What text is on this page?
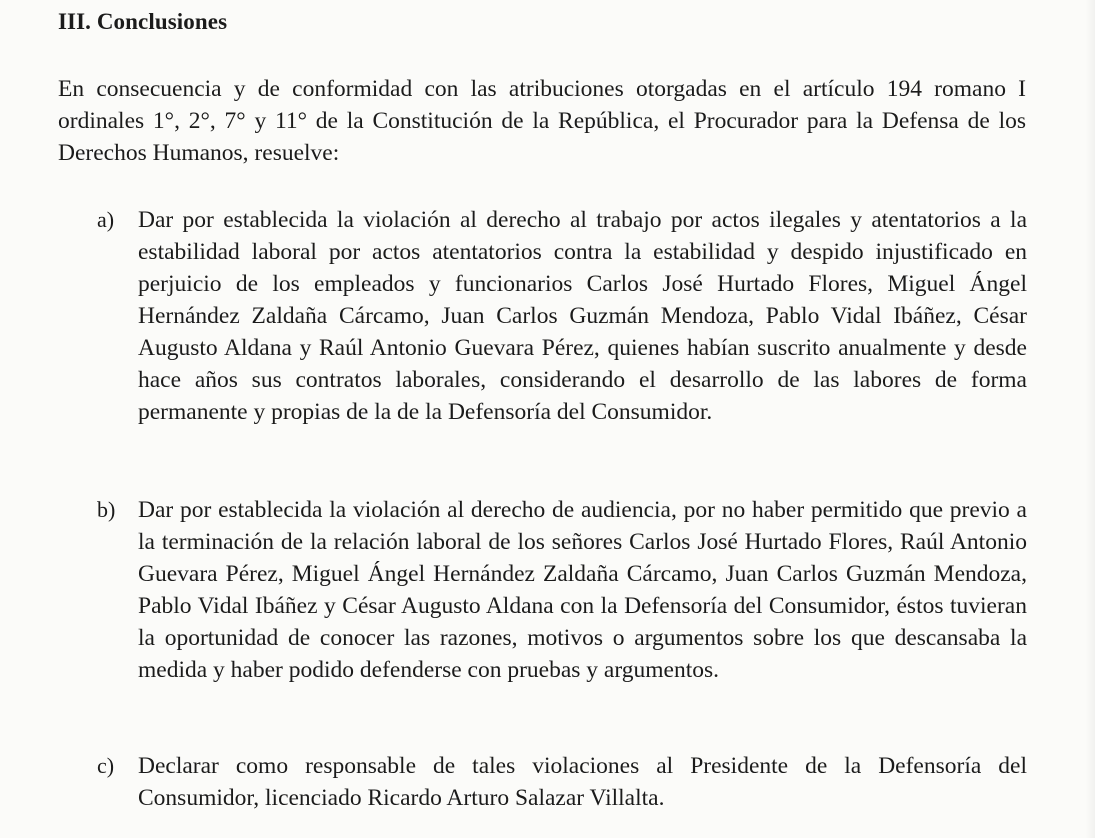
III. Conclusiones

En consecuencia y de conformidad con las atribuciones otorgadas en el artículo 194 romano I ordinales 1°, 2°, 7° y 11° de la Constitución de la República, el Procurador para la Defensa de los Derechos Humanos, resuelve:

a) Dar por establecida la violación al derecho al trabajo por actos ilegales y atentatorios a la estabilidad laboral por actos atentatorios contra la estabilidad y despido injustificado en perjuicio de los empleados y funcionarios Carlos José Hurtado Flores, Miguel Ángel Hernández Zaldaña Cárcamo, Juan Carlos Guzmán Mendoza, Pablo Vidal Ibáñez, César Augusto Aldana y Raúl Antonio Guevara Pérez, quienes habían suscrito anualmente y desde hace años sus contratos laborales, considerando el desarrollo de las labores de forma permanente y propias de la de la Defensoría del Consumidor.

b) Dar por establecida la violación al derecho de audiencia, por no haber permitido que previo a la terminación de la relación laboral de los señores Carlos José Hurtado Flores, Raúl Antonio Guevara Pérez, Miguel Ángel Hernández Zaldaña Cárcamo, Juan Carlos Guzmán Mendoza, Pablo Vidal Ibáñez y César Augusto Aldana con la Defensoría del Consumidor, éstos tuvieran la oportunidad de conocer las razones, motivos o argumentos sobre los que descansaba la medida y haber podido defenderse con pruebas y argumentos.

c) Declarar como responsable de tales violaciones al Presidente de la Defensoría del Consumidor, licenciado Ricardo Arturo Salazar Villalta.
